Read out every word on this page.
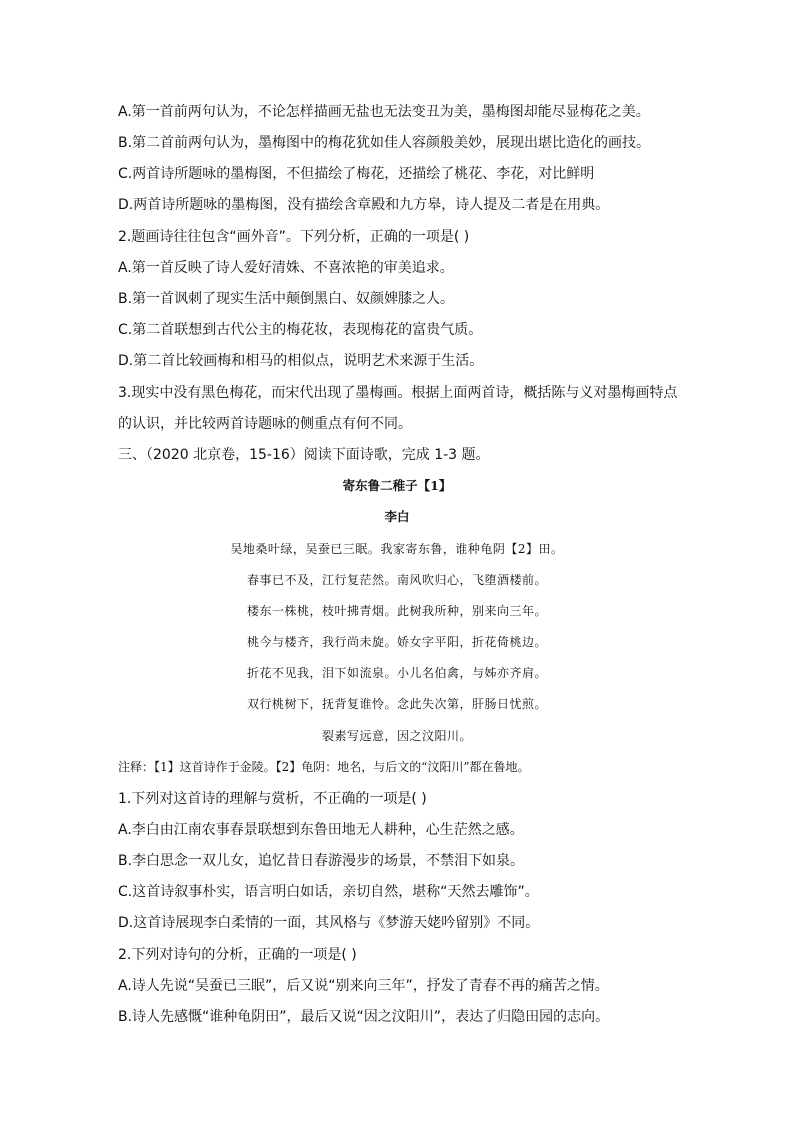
A.第一首前两句认为，不论怎样描画无盐也无法变丑为美，墨梅图却能尽显梅花之美。
B.第二首前两句认为，墨梅图中的梅花犹如佳人容颜般美妙，展现出堪比造化的画技。
C.两首诗所题咏的墨梅图，不但描绘了梅花，还描绘了桃花、李花，对比鲜明
D.两首诗所题咏的墨梅图，没有描绘含章殿和九方皋，诗人提及二者是在用典。
2.题画诗往往包含“画外音”。下列分析，正确的一项是( )
A.第一首反映了诗人爱好清姝、不喜浓艳的审美追求。
B.第一首讽刺了现实生活中颠倒黑白、奴颜婢膝之人。
C.第二首联想到古代公主的梅花妆，表现梅花的富贵气质。
D.第二首比较画梅和相马的相似点，说明艺术来源于生活。
3.现实中没有黑色梅花，而宋代出现了墨梅画。根据上面两首诗，概括陈与义对墨梅画特点
的认识，并比较两首诗题咏的侧重点有何不同。
三、（2020 北京卷，15-16）阅读下面诗歌，完成 1-3 题。
寄东鲁二稚子【1】
李白
吴地桑叶绿，吴蚕已三眠。我家寄东鲁，谁种龟阴【2】田。
春事已不及，江行复茫然。南风吹归心，飞堕酒楼前。
楼东一株桃，枝叶拂青烟。此树我所种，别来向三年。
桃今与楼齐，我行尚未旋。娇女字平阳，折花倚桃边。
折花不见我，泪下如流泉。小儿名伯禽，与姊亦齐肩。
双行桃树下，抚背复谁怜。念此失次第，肝肠日忧煎。
裂素写远意，因之汶阳川。
注释：【1】这首诗作于金陵。【2】龟阴：地名，与后文的“汶阳川”都在鲁地。
1.下列对这首诗的理解与赏析，不正确的一项是( )
A.李白由江南农事春景联想到东鲁田地无人耕种，心生茫然之感。
B.李白思念一双儿女，追忆昔日春游漫步的场景，不禁泪下如泉。
C.这首诗叙事朴实，语言明白如话，亲切自然，堪称“天然去雕饰”。
D.这首诗展现李白柔情的一面，其风格与《梦游天姥吟留别》不同。
2.下列对诗句的分析，正确的一项是( )
A.诗人先说“吴蚕已三眠”，后又说“别来向三年”，抒发了青春不再的痛苦之情。
B.诗人先感慨“谁种龟阴田”，最后又说“因之汶阳川”，表达了归隐田园的志向。
